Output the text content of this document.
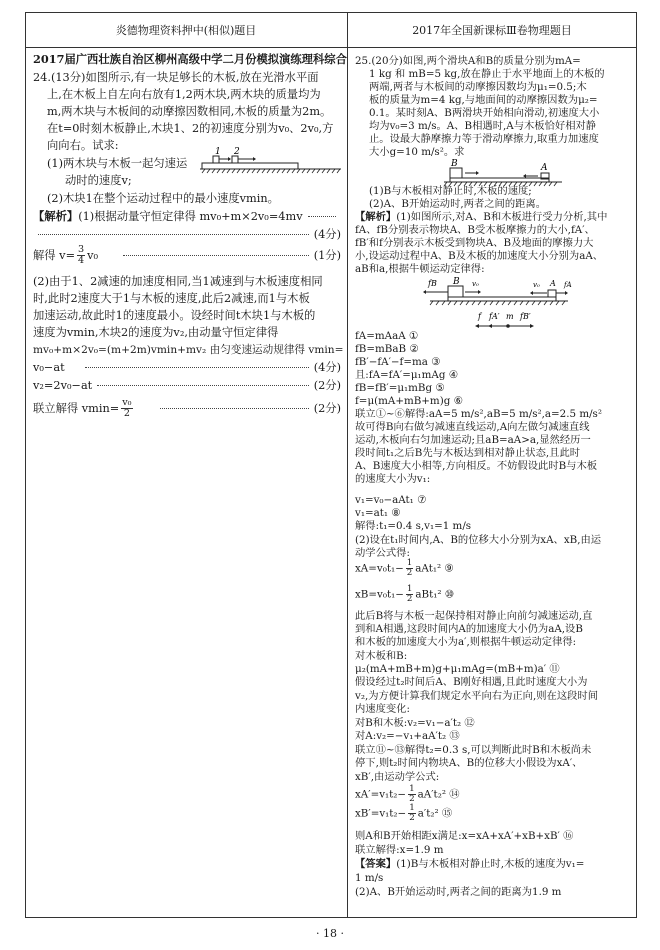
炎德物理资料押中(相似)题目	2017年全国新课标Ⅲ卷物理题目
2017届广西壮族自治区柳州高级中学二月份模拟演练理科综合
24.(13分)如图所示,有一块足够长的木板,放在光滑水平面
上,在木板上自左向右放有1,2两木块,两木块的质量均为
m,两木块与木板间的动摩擦因数相同,木板的质量为2m。
在t=0时刻木板静止,木块1、2的初速度分别为v₀、2v₀,方
向向右。试求:
(1)两木块与木板一起匀速运
动时的速度v;
(2)木块1在整个运动过程中的最小速度vmin。
1 2
【解析】 (1)根据动量守恒定律得 mv₀+m×2v₀=4mv
(4分)
解得 $v= \frac{3}{4} v_0$	(1分)
(2)由于1、2减速的加速度相同,当1减速到与木板速度相同
时,此时2速度大于1与木板的速度,此后2减速,而1与木板
加速运动,故此时1的速度最小。设经时间t木块1与木板的
速度为vmin,木块2的速度为v₂,由动量守恒定律得
mv₀+m×2v₀=(m+2m)vmin+mv₂ 由匀变速运动规律得 vmin=
v₀−at	(4分)
v₂=2v₀−at	(2分)
联立解得 $vmin= \frac{\text{v₀}}{2}$	(2分)
25.(20分)如图,两个滑块A和B的质量分别为mA=
1 kg 和 mB=5 kg,放在静止于水平地面上的木板的
两端,两者与木板间的动摩擦因数均为μ₁=0.5;木
板的质量为m=4 kg,与地面间的动摩擦因数为μ₂=
0.1。某时刻A、B两滑块开始相向滑动,初速度大小
均为v₀=3 m/s。A、B相遇时,A与木板恰好相对静
止。设最大静摩擦力等于滑动摩擦力,取重力加速度
大小g=10 m/s²。求
B	A
(1)B与木板相对静止时,木板的速度;
(2)A、B开始运动时,两者之间的距离。
【解析】(1)如图所示,对A、B和木板进行受力分析,其中
fA、fB分别表示物块A、B受木板摩擦力的大小,fA′、
fB′和f分别表示木板受到物块A、B及地面的摩擦力大
小,设运动过程中A、B及木板的加速度大小分别为aA、
aB和a,根据牛顿运动定律得:
fB B v₀	v₀ A fA
f fA′ m fB′
fA=mAaA ①
fB=mBaB ②
fB′−fA′−f=ma ③
且:fA=fA′=μ₁mAg ④
fB=fB′=μ₁mBg ⑤
f=μ(mA+mB+m)g ⑥
联立①~⑥解得:aA=5 m/s²,aB=5 m/s²,a=2.5 m/s²
故可得B向右做匀减速直线运动,A向左做匀减速直线
运动,木板向右匀加速运动;且aB=aA>a,显然经历一
段时间t₁之后B先与木板达到相对静止状态,且此时
A、B速度大小相等,方向相反。不妨假设此时B与木板
的速度大小为v₁:
v₁=v₀−aAt₁ ⑦
v₁=at₁ ⑧
解得:t₁=0.4 s,v₁=1 m/s
(2)设在t₁时间内,A、B的位移大小分别为xA、xB,由运
动学公式得:
$xA=v_0t_1- \frac{1}{2} aAt_1^2$ ⑨
$xB=v_0t_1- \frac{1}{2} aBt_1^2$ ⑩
此后B将与木板一起保持相对静止向前匀减速运动,直
到和A相遇,这段时间内A的加速度大小仍为aA,设B
和木板的加速度大小为a′,则根据牛顿运动定律得:
对木板和B:
μ₂(mA+mB+m)g+μ₁mAg=(mB+m)a′ ⑪
假设经过t₂时间后A、B刚好相遇,且此时速度大小为
v₂,为方便计算我们规定水平向右为正向,则在这段时间
内速度变化:
对B和木板:v₂=v₁−a′t₂ ⑫
对A:v₂=−v₁+aA′t₂ ⑬
联立⑪~⑬解得t₂=0.3 s,可以判断此时B和木板尚未
停下,则t₂时间内物块A、B的位移大小假设为xA′、
xB′,由运动学公式:
$xA'=v_1t_2- \frac{1}{2} aA't_2^2$ ⑭
$xB'=v_1t_2- \frac{1}{2} a't_2^2$ ⑮
则A和B开始相距x满足:x=xA+xA′+xB+xB′ ⑯
联立解得:x=1.9 m
【答案】(1)B与木板相对静止时,木板的速度为v₁=
1 m/s
(2)A、B开始运动时,两者之间的距离为1.9 m
· 18 ·
